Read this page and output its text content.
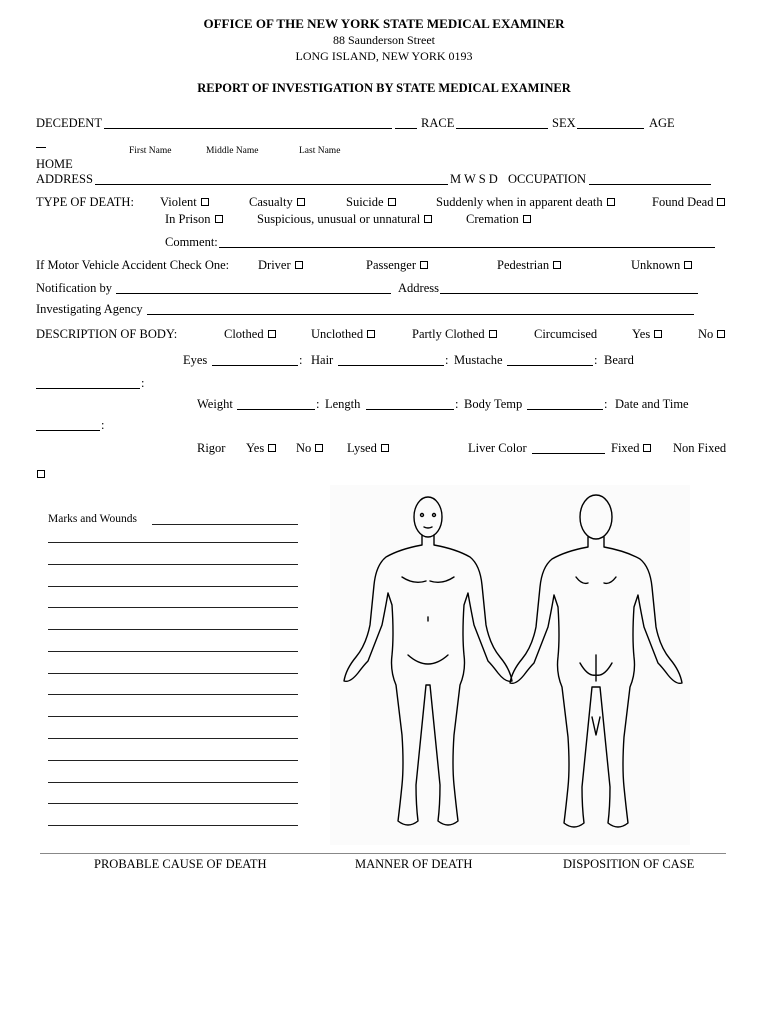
OFFICE OF THE NEW YORK STATE MEDICAL EXAMINER
88 Saunderson Street
LONG ISLAND, NEW YORK 0193
REPORT OF INVESTIGATION BY STATE MEDICAL EXAMINER
DECEDENT	RACE	SEX	AGE
First Name	Middle Name	Last Name
HOME
ADDRESS	M W S D OCCUPATION
TYPE OF DEATH: Violent	Casualty	Suicide	Suddenly when in apparent death	Found Dead
In Prison	Suspicious, unusual or unnatural	Cremation
Comment:
If Motor Vehicle Accident Check One: Driver	Passenger	Pedestrian	Unknown
Notification by	Address
Investigating Agency
DESCRIPTION OF BODY:	Clothed	Unclothed	Partly Clothed	Circumcised	Yes	No
Eyes	: Hair	: Mustache	: Beard
:
Weight	: Length	: Body Temp	: Date and Time
:
Rigor Yes	No	Lysed	Liver Color	Fixed	Non Fixed
Marks and Wounds
PROBABLE CAUSE OF DEATH	MANNER OF DEATH	DISPOSITION OF CASE
